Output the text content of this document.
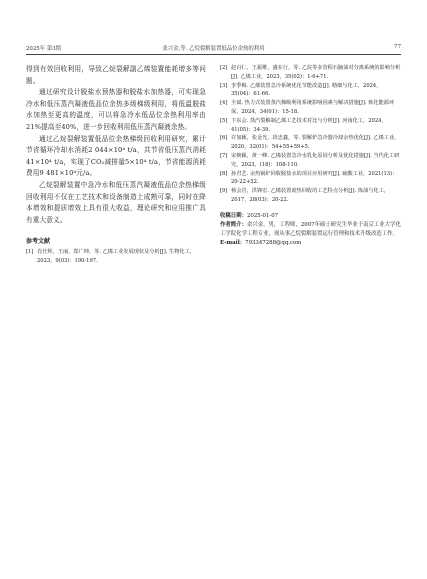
2025年 第3期	张兴金,等. 乙烷裂解装置低品位余热的利用	77

得到有效回收利用，导致乙烷裂解副乙烯装置能耗增多等问题。

通过研究设计脱盐水预热器和脱盐水加热器，可实现急冷水和低压蒸汽凝液低品位余热多级梯级利用，将低温脱盐水加热至更高的温度，可以将急冷水低品位余热利用率由21%提高至40%，进一步回收利用低压蒸汽凝液余热。

通过乙烷裂解装置低品位余热梯级回收利用研究，累计节省循环冷却水消耗2 044×10⁴ t/a，共节省低压蒸汽消耗41×10⁴ t/a，实现了CO₂减排量5×10⁴ t/a，节省能源消耗费用9 481×10⁴元/a。

乙烷裂解装置中急冷水和低压蒸汽凝液低品位余热梯级回收利用不仅在工艺技术和设备制造上成熟可靠，同时在降本增效和提质增效上具有很大收益，理论研究和应用推广具有重大意义。

参考文献

[1] 肖仕辉，王丽，郑广坤，等. 乙烯工业发展现状及分析[J]. 生物化工，2023，9(03)：190-197.

[2] 赵百仁，王振维，盛在行，等. 乙烷等多管程石脑油对分离系统的影响分析[J]. 乙烯工业，2023，35(02)：1-6+71.

[3] 李季梅. 乙烯装置急冷系统优化节能改造[J]. 精细与化工，2024，35(04)：61-66.

[4] 全斌. 热力式装置蒸汽梯级利用系统影响因素与解决措施[J]. 炼化能源环保，2024，34(01)：15-18.

[5] 卞东会. 蒸汽裂解制乙烯工艺技术对比与分析[J]. 河南化工，2024，41(05)：34-39.

[6] 许加颖，张金光，段忠鑫，等. 裂解炉急冷器冷却余热优化[J]. 乙烯工业，2020，32(01)：54+55+59+5.

[7] 宋婉颖，黄一峰. 乙烯装置急冷水乳化原因分析及优化措施[J]. 当代化工研究，2023，(18)：108-110.

[8] 孙君艺. 余热锅炉回收脱盐水的项目应用研究[J]. 硫酸工业，2021(13)：20-22+52.

[9] 杨会岩，洪锋宏. 乙烯装置废热回收的工艺特点分析[J]. 炼油与化工，2017，28(03)：20-22.

收稿日期：2025-01-07

作者简介：余兴金，男，工程师，2007年硕士研究生毕业于南京工业大学化工学院化学工程专业，现从事乙烷裂解装置运行管理和技术升级改造工作。

E-mail：793347288@qq.com
